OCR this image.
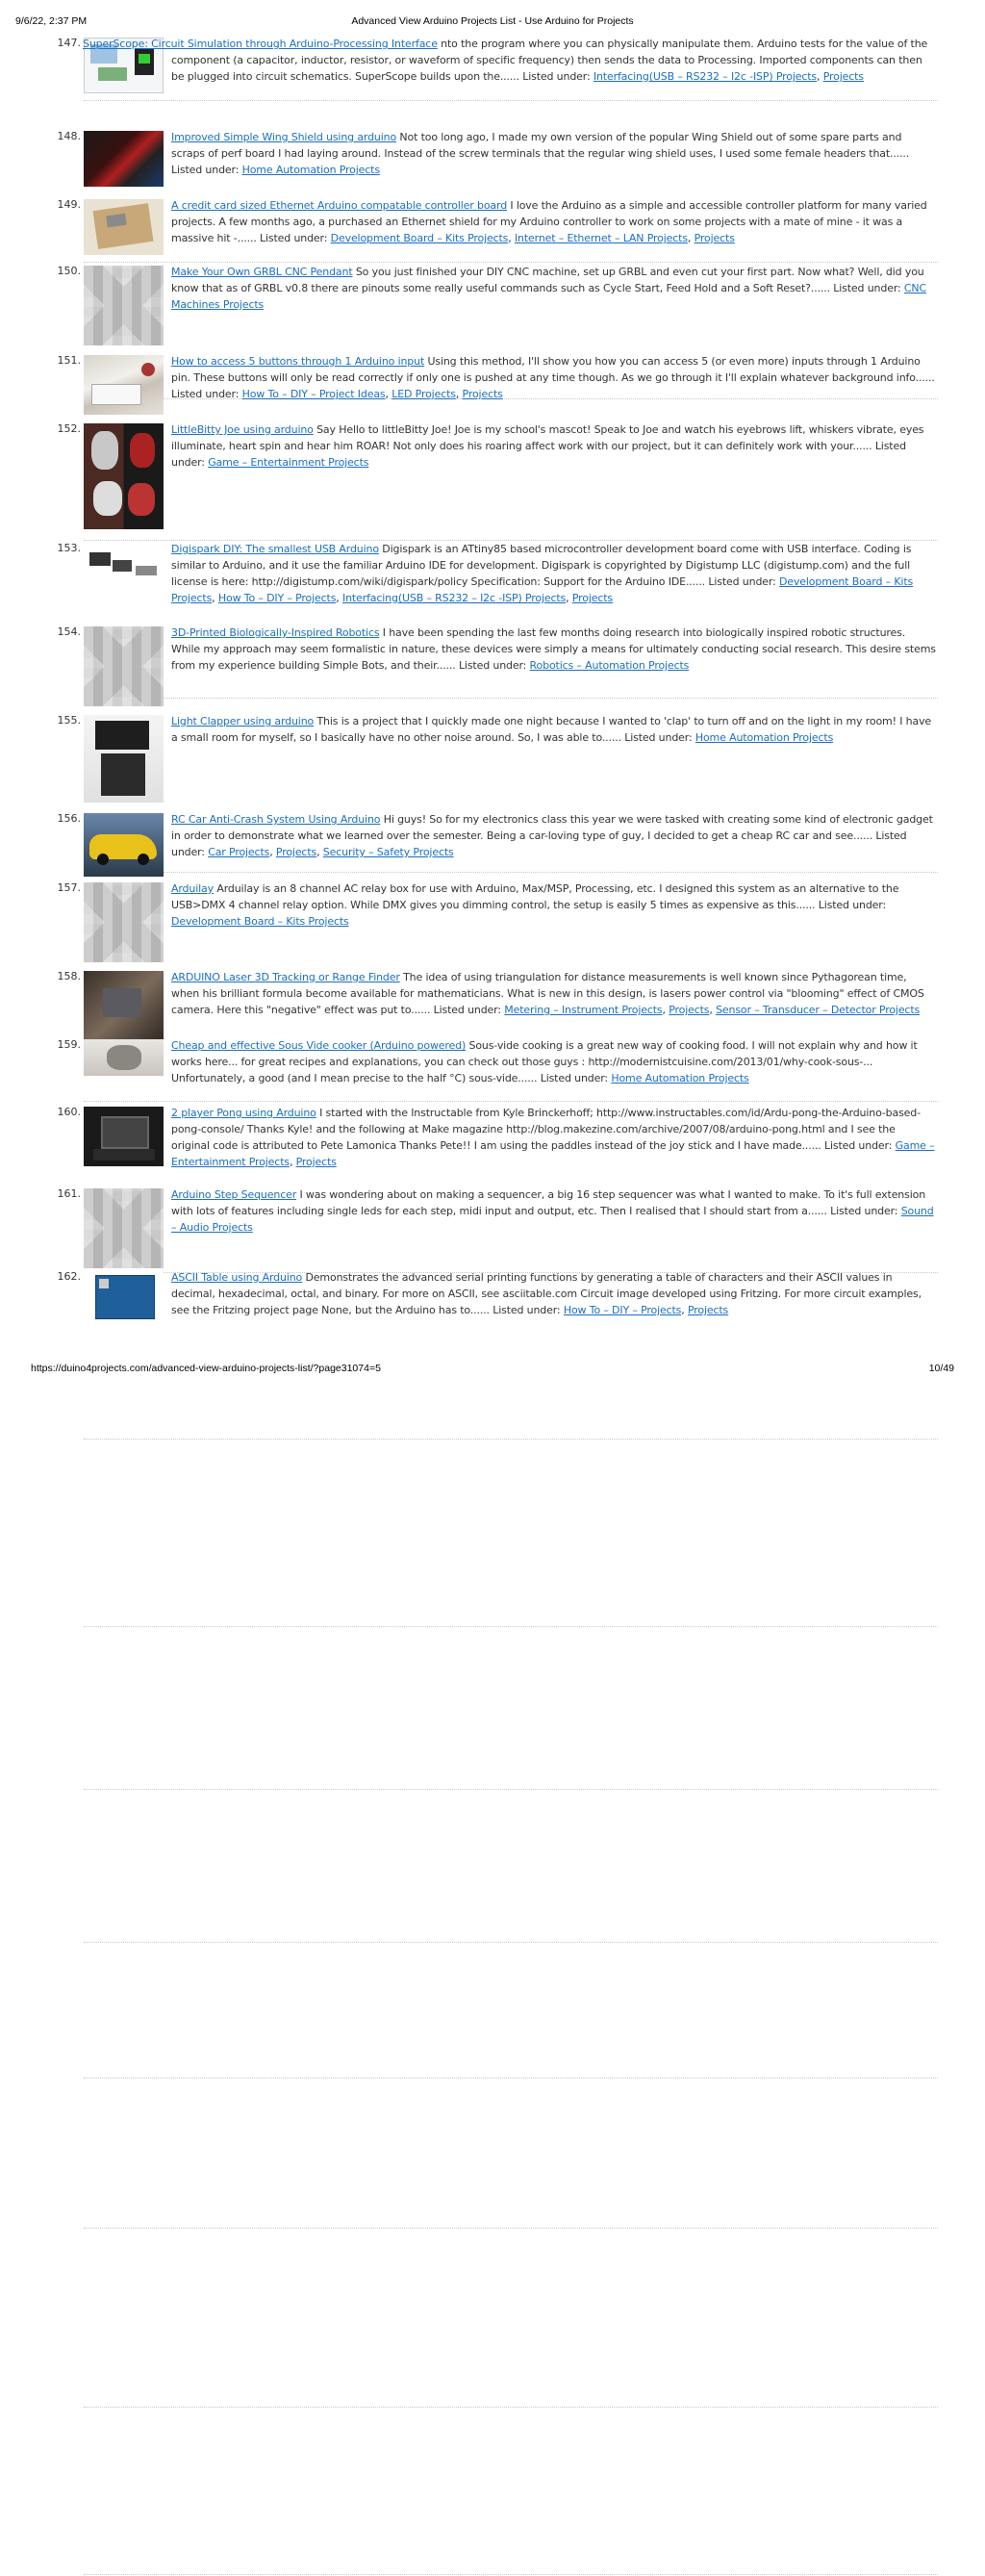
9/6/22, 2:37 PM	Advanced View Arduino Projects List - Use Arduino for Projects
147. SuperScope: Circuit Simulation through Arduino-Processing Interface nto the program where you can physically manipulate them. Arduino tests for the value of the component (a capacitor, inductor, resistor, or waveform of specific frequency) then sends the data to Processing. Imported components can then be plugged into circuit schematics. SuperScope builds upon the...... Listed under: Interfacing(USB – RS232 – I2c -ISP) Projects, Projects
148.	Improved Simple Wing Shield using arduino Not too long ago, I made my own version of the popular Wing Shield out of some spare parts and scraps of perf board I had laying around. Instead of the screw terminals that the regular wing shield uses, I used some female headers that...... Listed under: Home Automation Projects
149.	A credit card sized Ethernet Arduino compatable controller board I love the Arduino as a simple and accessible controller platform for many varied projects. A few months ago, a purchased an Ethernet shield for my Arduino controller to work on some projects with a mate of mine - it was a massive hit -...... Listed under: Development Board – Kits Projects, Internet – Ethernet – LAN Projects, Projects
150.	Make Your Own GRBL CNC Pendant So you just finished your DIY CNC machine, set up GRBL and even cut your first part. Now what? Well, did you know that as of GRBL v0.8 there are pinouts some really useful commands such as Cycle Start, Feed Hold and a Soft Reset?...... Listed under: CNC Machines Projects
151.	How to access 5 buttons through 1 Arduino input Using this method, I'll show you how you can access 5 (or even more) inputs through 1 Arduino pin. These buttons will only be read correctly if only one is pushed at any time though. As we go through it I'll explain whatever background info...... Listed under: How To – DIY – Project Ideas, LED Projects, Projects
152.	LittleBitty Joe using arduino Say Hello to littleBitty Joe! Joe is my school's mascot! Speak to Joe and watch his eyebrows lift, whiskers vibrate, eyes illuminate, heart spin and hear him ROAR! Not only does his roaring affect work with our project, but it can definitely work with your...... Listed under: Game – Entertainment Projects
153.	Digispark DIY: The smallest USB Arduino Digispark is an ATtiny85 based microcontroller development board come with USB interface. Coding is similar to Arduino, and it use the familiar Arduino IDE for development. Digispark is copyrighted by Digistump LLC (digistump.com) and the full license is here: http://digistump.com/wiki/digispark/policy Specification: Support for the Arduino IDE...... Listed under: Development Board – Kits Projects, How To – DIY – Projects, Interfacing(USB – RS232 – I2c -ISP) Projects, Projects
154.	3D-Printed Biologically-Inspired Robotics I have been spending the last few months doing research into biologically inspired robotic structures. While my approach may seem formalistic in nature, these devices were simply a means for ultimately conducting social research. This desire stems from my experience building Simple Bots, and their...... Listed under: Robotics – Automation Projects
155.	Light Clapper using arduino This is a project that I quickly made one night because I wanted to 'clap' to turn off and on the light in my room! I have a small room for myself, so I basically have no other noise around. So, I was able to...... Listed under: Home Automation Projects
156.	RC Car Anti-Crash System Using Arduino Hi guys! So for my electronics class this year we were tasked with creating some kind of electronic gadget in order to demonstrate what we learned over the semester. Being a car-loving type of guy, I decided to get a cheap RC car and see...... Listed under: Car Projects, Projects, Security – Safety Projects
157.	Arduilay Arduilay is an 8 channel AC relay box for use with Arduino, Max/MSP, Processing, etc. I designed this system as an alternative to the USB>DMX 4 channel relay option. While DMX gives you dimming control, the setup is easily 5 times as expensive as this...... Listed under: Development Board – Kits Projects
158.	ARDUINO Laser 3D Tracking or Range Finder The idea of using triangulation for distance measurements is well known since Pythagorean time, when his brilliant formula become available for mathematicians. What is new in this design, is lasers power control via "blooming" effect of CMOS camera. Here this "negative" effect was put to...... Listed under: Metering – Instrument Projects, Projects, Sensor – Transducer – Detector Projects
159.	Cheap and effective Sous Vide cooker (Arduino powered) Sous-vide cooking is a great new way of cooking food. I will not explain why and how it works here... for great recipes and explanations, you can check out those guys : http://modernistcuisine.com/2013/01/why-cook-sous-... Unfortunately, a good (and I mean precise to the half °C) sous-vide...... Listed under: Home Automation Projects
160.	2 player Pong using Arduino I started with the Instructable from Kyle Brinckerhoff; http://www.instructables.com/id/Ardu-pong-the-Arduino-based-pong-console/ Thanks Kyle! and the following at Make magazine http://blog.makezine.com/archive/2007/08/arduino-pong.html and I see the original code is attributed to Pete Lamonica Thanks Pete!! I am using the paddles instead of the joy stick and I have made...... Listed under: Game – Entertainment Projects, Projects
161.	Arduino Step Sequencer I was wondering about on making a sequencer, a big 16 step sequencer was what I wanted to make. To it's full extension with lots of features including single leds for each step, midi input and output, etc. Then I realised that I should start from a...... Listed under: Sound – Audio Projects
162.	ASCII Table using Arduino Demonstrates the advanced serial printing functions by generating a table of characters and their ASCII values in decimal, hexadecimal, octal, and binary. For more on ASCII, see asciitable.com Circuit image developed using Fritzing. For more circuit examples, see the Fritzing project page None, but the Arduino has to...... Listed under: How To – DIY – Projects, Projects
https://duino4projects.com/advanced-view-arduino-projects-list/?page31074=5	10/49
